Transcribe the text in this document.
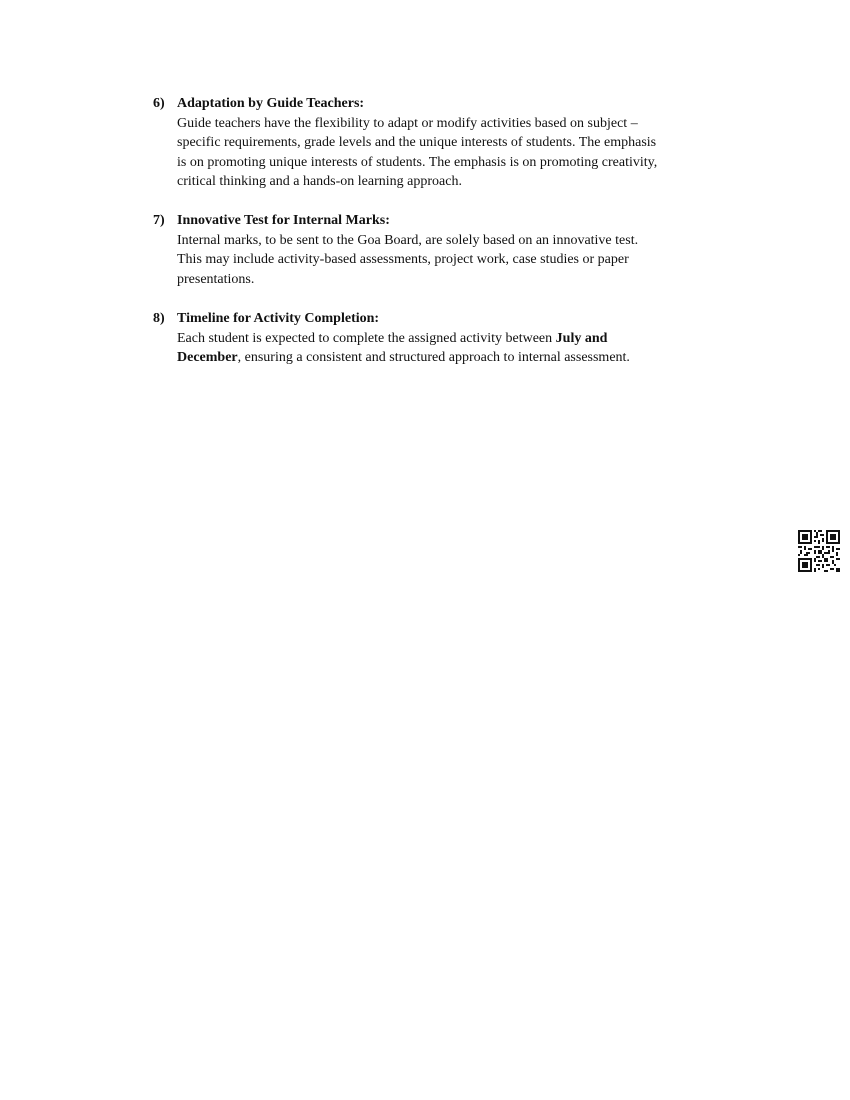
6) Adaptation by Guide Teachers:
Guide teachers have the flexibility to adapt or modify activities based on subject –
specific requirements, grade levels and the unique interests of students. The emphasis
is on promoting unique interests of students. The emphasis is on promoting creativity,
critical thinking and a hands-on learning approach.
7) Innovative Test for Internal Marks:
Internal marks, to be sent to the Goa Board, are solely based on an innovative test.
This may include activity-based assessments, project work, case studies or paper
presentations.
8) Timeline for Activity Completion:
Each student is expected to complete the assigned activity between July and
December, ensuring a consistent and structured approach to internal assessment.
